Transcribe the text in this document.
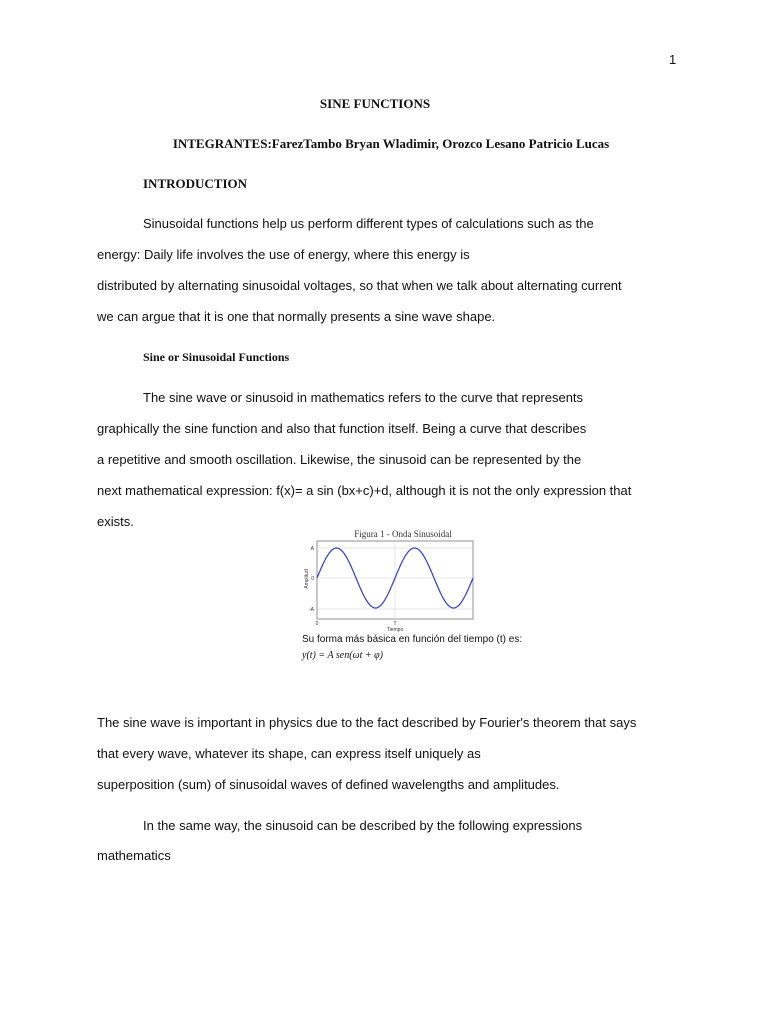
1
SINE FUNCTIONS
INTEGRANTES:FarezTambo Bryan Wladimir, Orozco Lesano Patricio Lucas
INTRODUCTION
Sinusoidal functions help us perform different types of calculations such as the
energy: Daily life involves the use of energy, where this energy is
distributed by alternating sinusoidal voltages, so that when we talk about alternating current
we can argue that it is one that normally presents a sine wave shape.
Sine or Sinusoidal Functions
The sine wave or sinusoid in mathematics refers to the curve that represents
graphically the sine function and also that function itself. Being a curve that describes
a repetitive and smooth oscillation. Likewise, the sinusoid can be represented by the
next mathematical expression: f(x)= a sin (bx+c)+d, although it is not the only expression that
exists.
Figura 1 - Onda Sinusoidal
A
0
-A
0	T
Tiempo
Amplitud
Su forma más básica en función del tiempo (t) es:
y(t) = A sen(ωt + φ)
The sine wave is important in physics due to the fact described by Fourier's theorem that says
that every wave, whatever its shape, can express itself uniquely as
superposition (sum) of sinusoidal waves of defined wavelengths and amplitudes.
In the same way, the sinusoid can be described by the following expressions
mathematics
